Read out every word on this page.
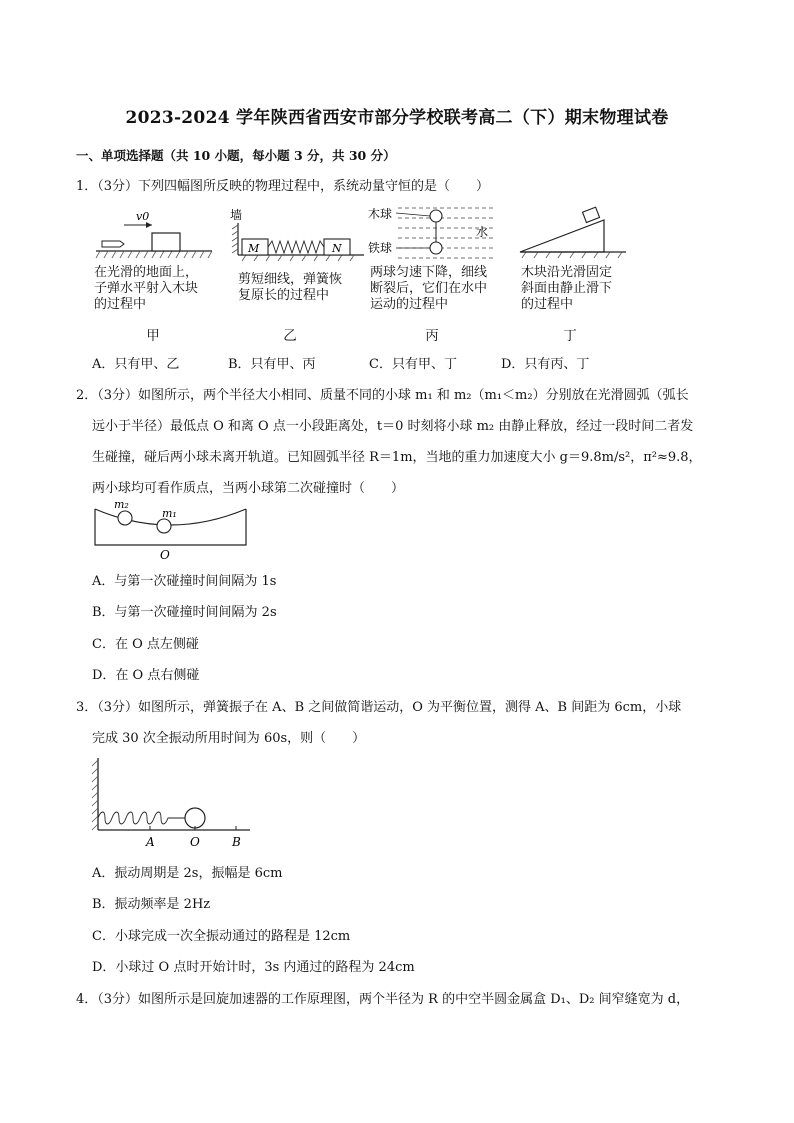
2023-2024 学年陕西省西安市部分学校联考高二（下）期末物理试卷
一、单项选择题（共 10 小题，每小题 3 分，共 30 分）
1．（3分）下列四幅图所反映的物理过程中，系统动量守恒的是（　　）
v0
在光滑的地面上，
子弹水平射入木块
的过程中
甲
墙
M	N
剪短细线，弹簧恢
复原长的过程中
乙
木球
铁球
水
两球匀速下降，细线
断裂后，它们在水中
运动的过程中
丙
木块沿光滑固定
斜面由静止滑下
的过程中
丁
A．只有甲、乙	B．只有甲、丙	C．只有甲、丁	D．只有丙、丁
2．（3分）如图所示，两个半径大小相同、质量不同的小球 m₁ 和 m₂（m₁＜m₂）分别放在光滑圆弧（弧长
远小于半径）最低点 O 和离 O 点一小段距离处，t＝0 时刻将小球 m₂ 由静止释放，经过一段时间二者发
生碰撞，碰后两小球未离开轨道。已知圆弧半径 R＝1m，当地的重力加速度大小 g＝9.8m/s²，π²≈9.8，
两小球均可看作质点，当两小球第二次碰撞时（　　）
m₂
m₁
O
A．与第一次碰撞时间间隔为 1s
B．与第一次碰撞时间间隔为 2s
C．在 O 点左侧碰
D．在 O 点右侧碰
3．（3分）如图所示，弹簧振子在 A、B 之间做简谐运动，O 为平衡位置，测得 A、B 间距为 6cm，小球
完成 30 次全振动所用时间为 60s，则（　　）
A	O	B
A．振动周期是 2s，振幅是 6cm
B．振动频率是 2Hz
C．小球完成一次全振动通过的路程是 12cm
D．小球过 O 点时开始计时，3s 内通过的路程为 24cm
4．（3分）如图所示是回旋加速器的工作原理图，两个半径为 R 的中空半圆金属盒 D₁、D₂ 间窄缝宽为 d，
